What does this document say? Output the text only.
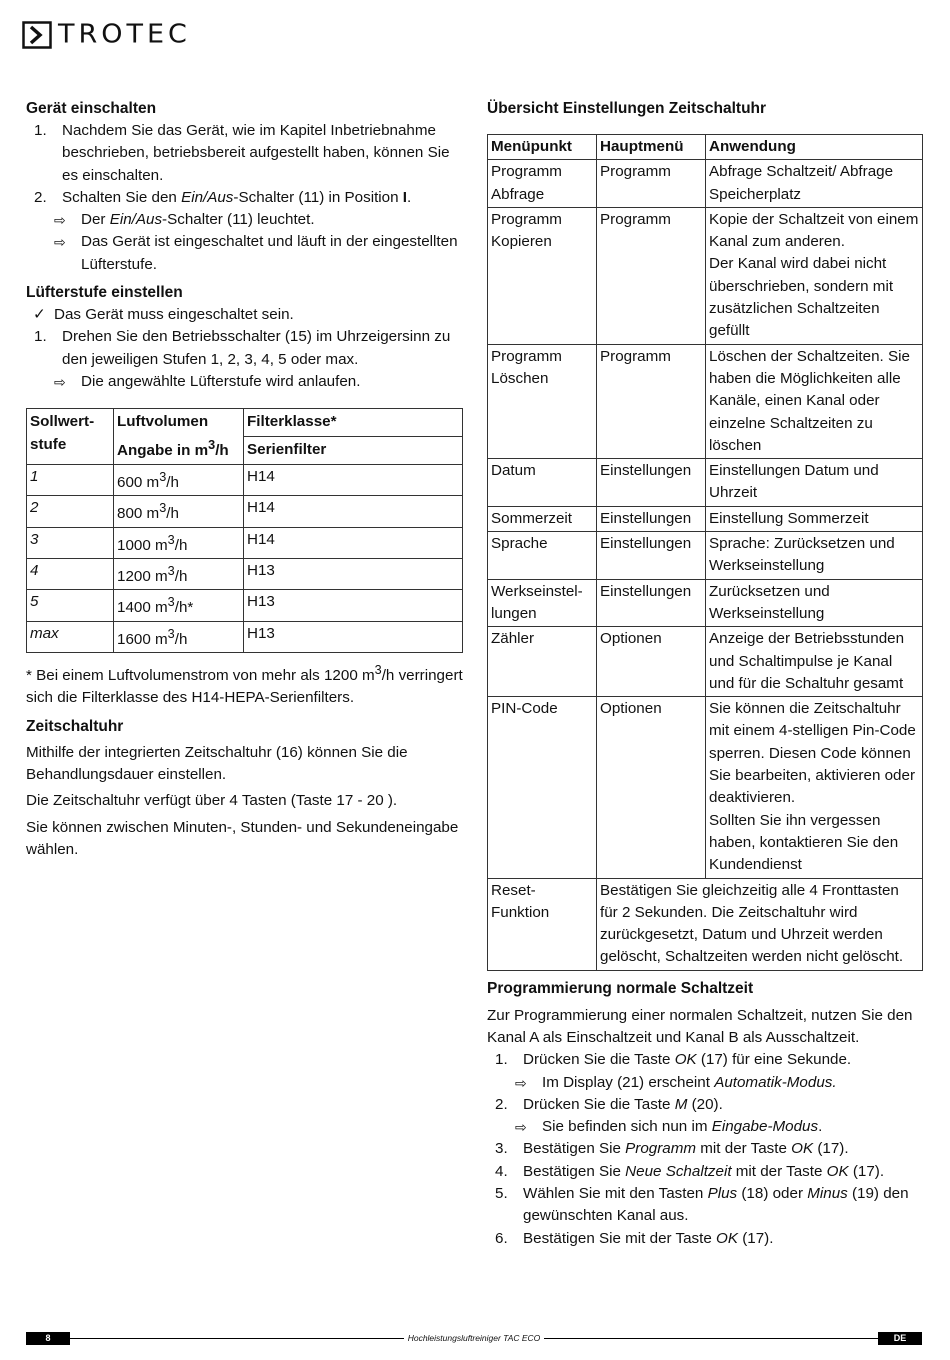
TROTEC
Gerät einschalten
1. Nachdem Sie das Gerät, wie im Kapitel Inbetriebnahme beschrieben, betriebsbereit aufgestellt haben, können Sie es einschalten.
2. Schalten Sie den Ein/Aus-Schalter (11) in Position I.
⇨ Der Ein/Aus-Schalter (11) leuchtet.
⇨ Das Gerät ist eingeschaltet und läuft in der eingestellten Lüfterstufe.
Lüfterstufe einstellen
✓ Das Gerät muss eingeschaltet sein.
1. Drehen Sie den Betriebsschalter (15) im Uhrzeigersinn zu den jeweiligen Stufen 1, 2, 3, 4, 5 oder max.
⇨ Die angewählte Lüfterstufe wird anlaufen.
Sollwert-stufe	Luftvolumen Angabe in $m^3/h$	Filterklasse*
		Serienfilter
1	600 $m^3/h$	H14
2	800 $m^3/h$	H14
3	1000 $m^3/h$	H14
4	1200 $m^3/h$	H13
5	1400 $m^3/h*$	H13
max	1600 $m^3/h$	H13

* Bei einem Luftvolumenstrom von mehr als 1200 $m^3/h$ verringert sich die Filterklasse des H14-HEPA-Serienfilters.

Zeitschaltuhr

Mithilfe der integrierten Zeitschaltuhr (16) können Sie die Behandlungsdauer einstellen.

Die Zeitschaltuhr verfügt über 4 Tasten (Taste 17 - 20 ).

Sie können zwischen Minuten-, Stunden- und Sekundeneingabe wählen.

Übersicht Einstellungen Zeitschaltuhr
Menüpunkt	Hauptmenü	Anwendung
Programm Abfrage	Programm	Abfrage Schaltzeit/ Abfrage Speicherplatz
Programm Kopieren	Programm	Kopie der Schaltzeit von einem Kanal zum anderen.
Der Kanal wird dabei nicht überschrieben, sondern mit zusätzlichen Schaltzeiten gefüllt

Programm Löschen	Programm	Löschen der Schaltzeiten. Sie haben die Möglichkeiten alle Kanäle, einen Kanal oder einzelne Schaltzeiten zu löschen
Datum	Einstellungen	Einstellungen Datum und Uhrzeit
Sommerzeit	Einstellungen	Einstellung Sommerzeit
Sprache	Einstellungen	Sprache: Zurücksetzen und Werkseinstellung
Werkseinstel-lungen	Einstellungen	Zurücksetzen und Werkseinstellung
Zähler	Optionen	Anzeige der Betriebsstunden und Schaltimpulse je Kanal und für die Schaltuhr gesamt
PIN-Code	Optionen	Sie können die Zeitschaltuhr mit einem 4-stelligen Pin-Code sperren. Diesen Code können Sie bearbeiten, aktivieren oder deaktivieren.
Sollten Sie ihn vergessen haben, kontaktieren Sie den Kundendienst

Reset-Funktion	Bestätigen Sie gleichzeitig alle 4 Fronttasten für 2 Sekunden. Die Zeitschaltuhr wird zurückgesetzt, Datum und Uhrzeit werden gelöscht, Schaltzeiten werden nicht gelöscht.	
Programmierung normale Schaltzeit

Zur Programmierung einer normalen Schaltzeit, nutzen Sie den Kanal A als Einschaltzeit und Kanal B als Ausschaltzeit.

1. Drücken Sie die Taste OK (17) für eine Sekunde.
⇨ Im Display (21) erscheint Automatik-Modus.
2. Drücken Sie die Taste M (20).
⇨ Sie befinden sich nun im Eingabe-Modus.
3. Bestätigen Sie Programm mit der Taste OK (17).
4. Bestätigen Sie Neue Schaltzeit mit der Taste OK (17).
5. Wählen Sie mit den Tasten Plus (18) oder Minus (19) den gewünschten Kanal aus.
6. Bestätigen Sie mit der Taste OK (17).
Hochleistungsluftreiniger TAC ECO
8	DE
